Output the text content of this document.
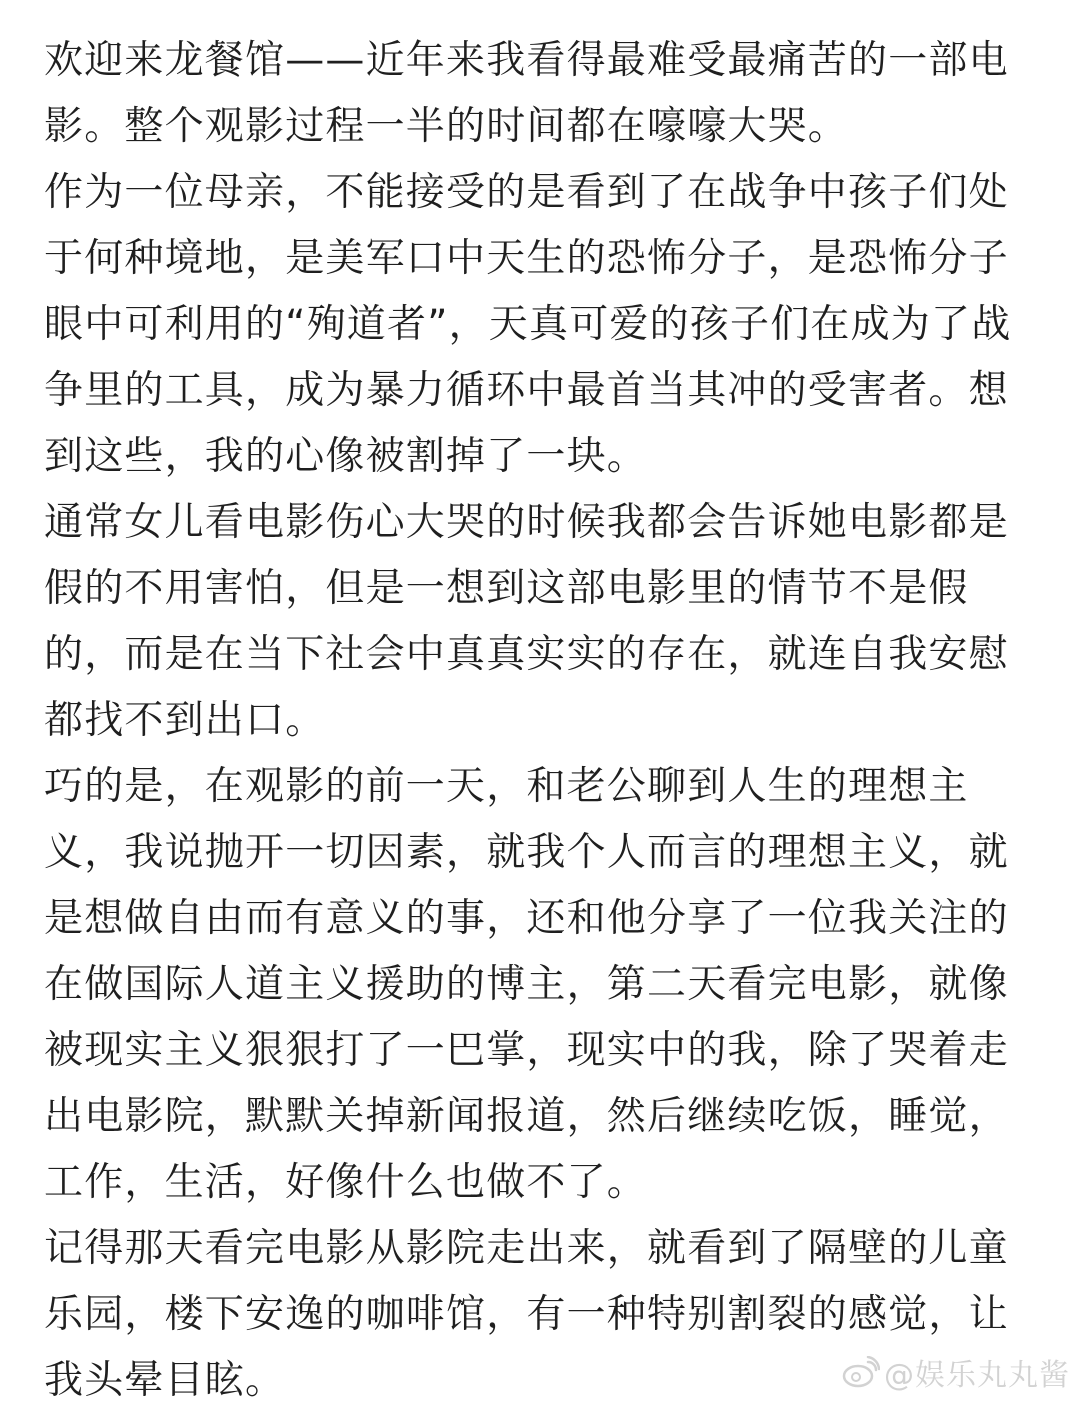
欢迎来龙餐馆——近年来我看得最难受最痛苦的一部电影。整个观影过程一半的时间都在嚎嚎大哭。

作为一位母亲，不能接受的是看到了在战争中孩子们处于何种境地，是美军口中天生的恐怖分子，是恐怖分子眼中可利用的“殉道者”，天真可爱的孩子们在成为了战争里的工具，成为暴力循环中最首当其冲的受害者。想到这些，我的心像被割掉了一块。

通常女儿看电影伤心大哭的时候我都会告诉她电影都是假的不用害怕，但是一想到这部电影里的情节不是假的，而是在当下社会中真真实实的存在，就连自我安慰都找不到出口。

巧的是，在观影的前一天，和老公聊到人生的理想主义，我说抛开一切因素，就我个人而言的理想主义，就是想做自由而有意义的事，还和他分享了一位我关注的在做国际人道主义援助的博主，第二天看完电影，就像被现实主义狠狠打了一巴掌，现实中的我，除了哭着走出电影院，默默关掉新闻报道，然后继续吃饭，睡觉，工作，生活，好像什么也做不了。

记得那天看完电影从影院走出来，就看到了隔壁的儿童乐园，楼下安逸的咖啡馆，有一种特别割裂的感觉，让我头晕目眩。	@娱乐丸丸酱
